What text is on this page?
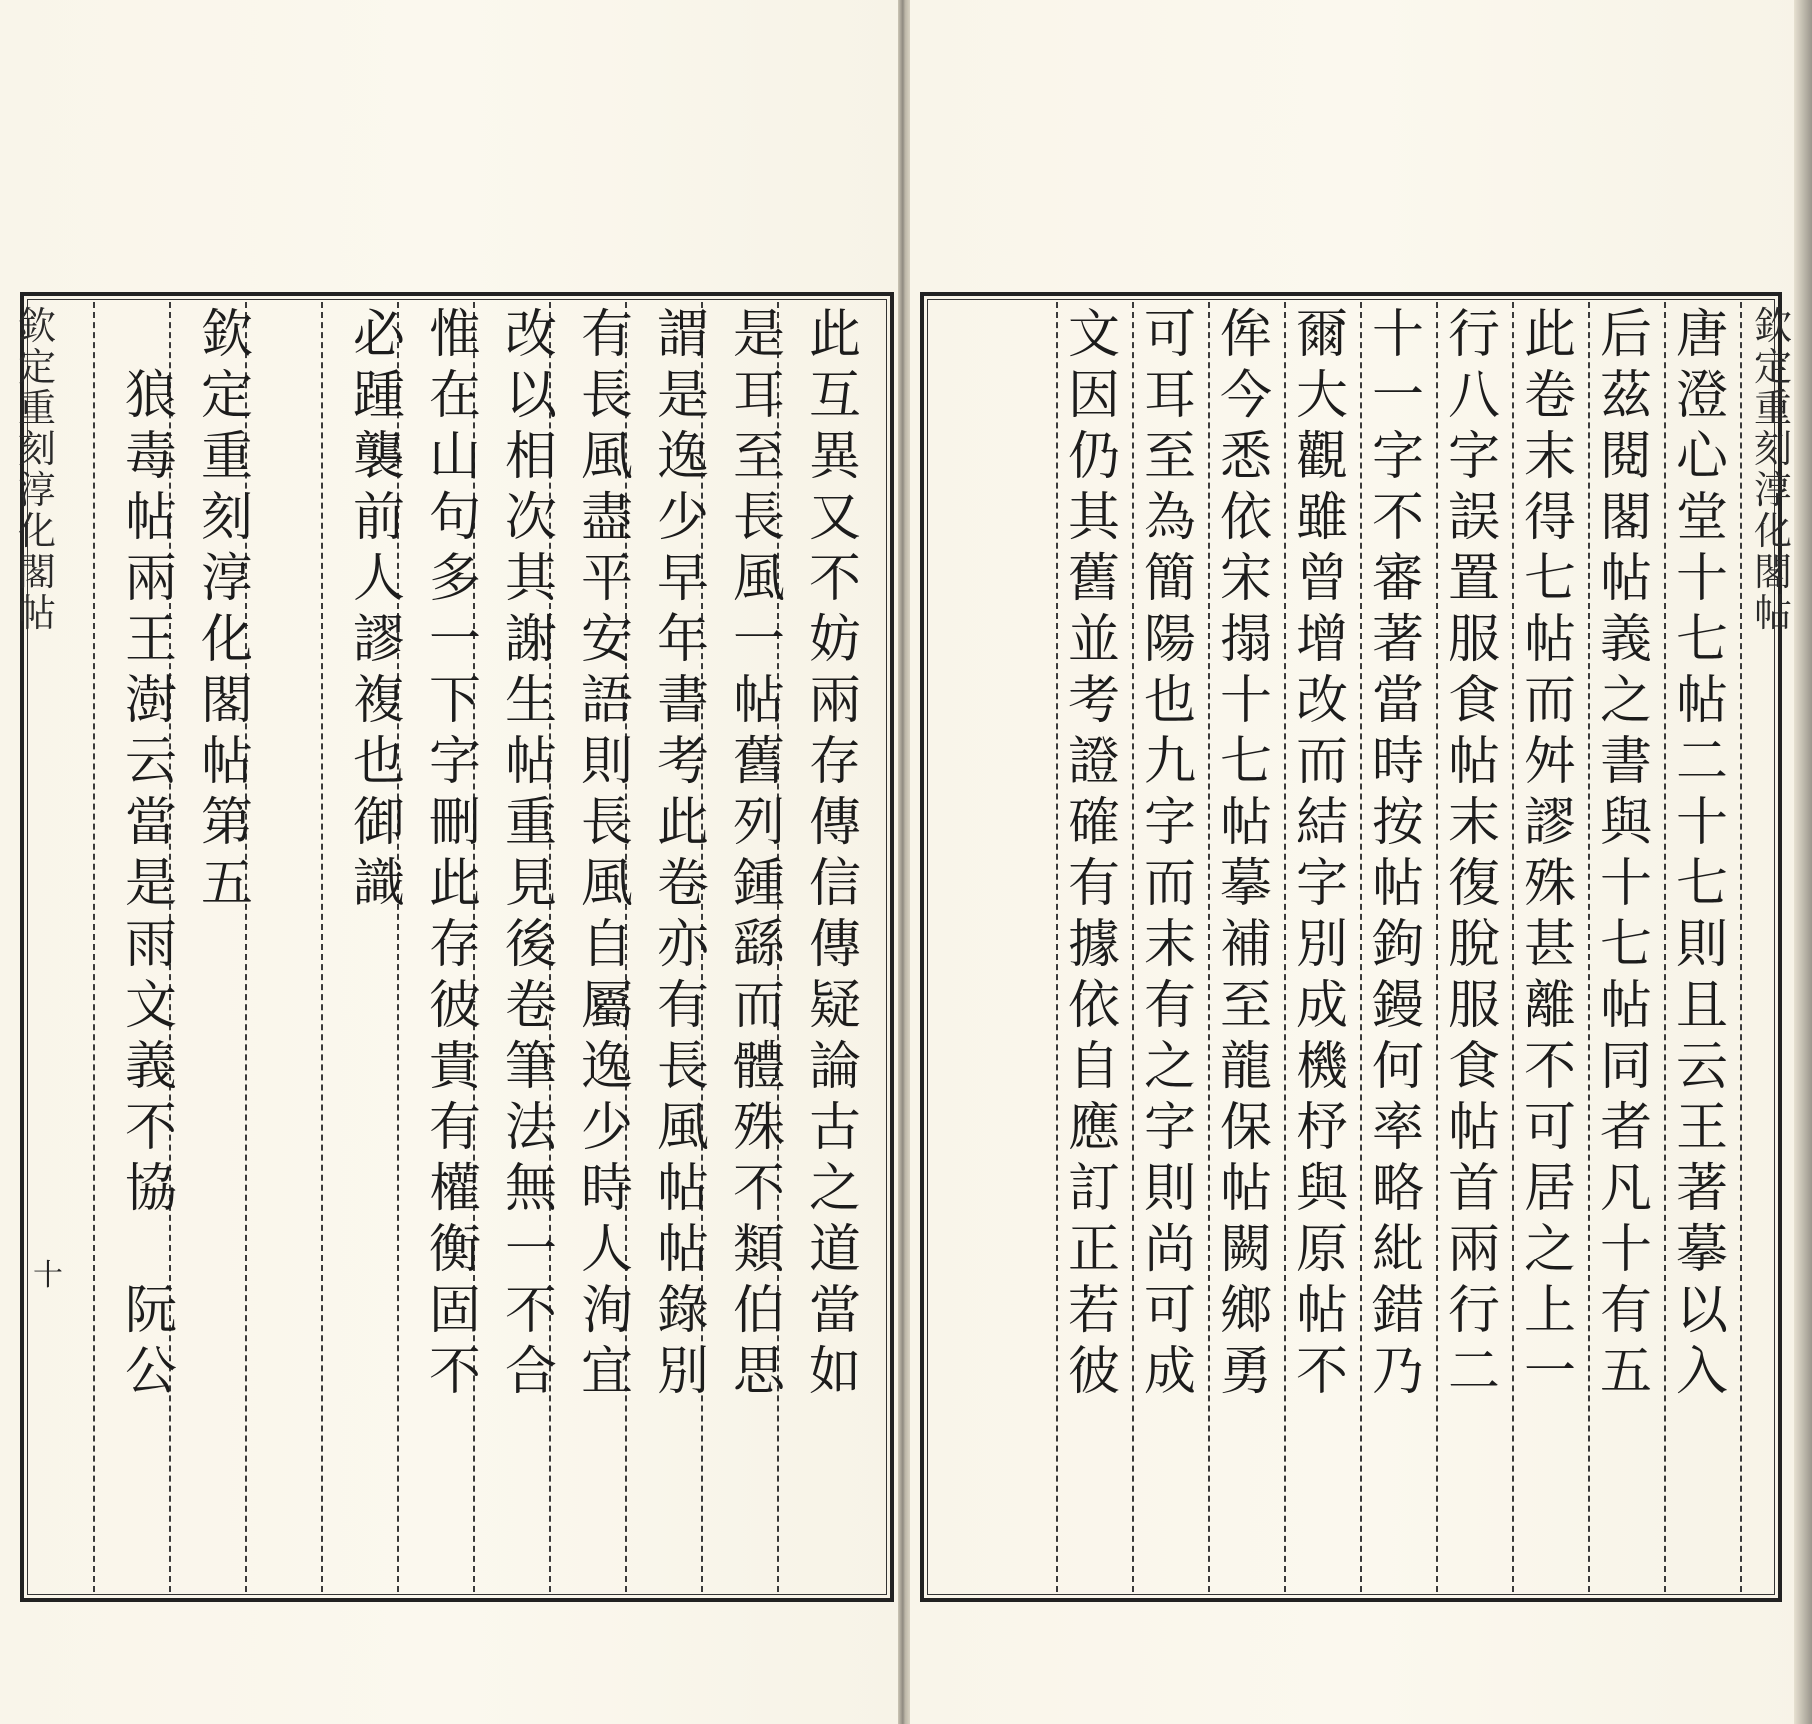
欽
定
重
刻
淳
化
閣
帖
十
此
互
異
又
不
妨
兩
存
傳
信
傳
疑
論
古
之
道
當
如
是
耳
至
長
風
一
帖
舊
列
鍾
繇
而
體
殊
不
類
伯
思
謂
是
逸
少
早
年
書
考
此
卷
亦
有
長
風
帖
帖
錄
別
有
長
風
盡
平
安
語
則
長
風
自
屬
逸
少
時
人
洵
宜
改
以
相
次
其
謝
生
帖
重
見
後
卷
筆
法
無
一
不
合
惟
在
山
句
多
一
下
字
刪
此
存
彼
貴
有
權
衡
固
不
必
踵
襲
前
人
謬
複
也
御
識
欽
定
重
刻
淳
化
閣
帖
第
五
狼
毒
帖
兩
王
澍
云
當
是
雨
文
義
不
協
阮
公
欽
定
重
刻
淳
化
閣
帖
唐
澄
心
堂
十
七
帖
二
十
七
則
且
云
王
著
摹
以
入
后
茲
閱
閣
帖
義
之
書
與
十
七
帖
同
者
凡
十
有
五
此
卷
末
得
七
帖
而
舛
謬
殊
甚
離
不
可
居
之
上
一
行
八
字
誤
置
服
食
帖
末
復
脫
服
食
帖
首
兩
行
二
十
一
字
不
審
著
當
時
按
帖
鉤
鏝
何
率
略
紕
錯
乃
爾
大
觀
雖
曾
增
改
而
結
字
別
成
機
杼
與
原
帖
不
侔
今
悉
依
宋
搨
十
七
帖
摹
補
至
龍
保
帖
闕
鄉
勇
可
耳
至
為
簡
陽
也
九
字
而
末
有
之
字
則
尚
可
成
文
因
仍
其
舊
並
考
證
確
有
據
依
自
應
訂
正
若
彼
